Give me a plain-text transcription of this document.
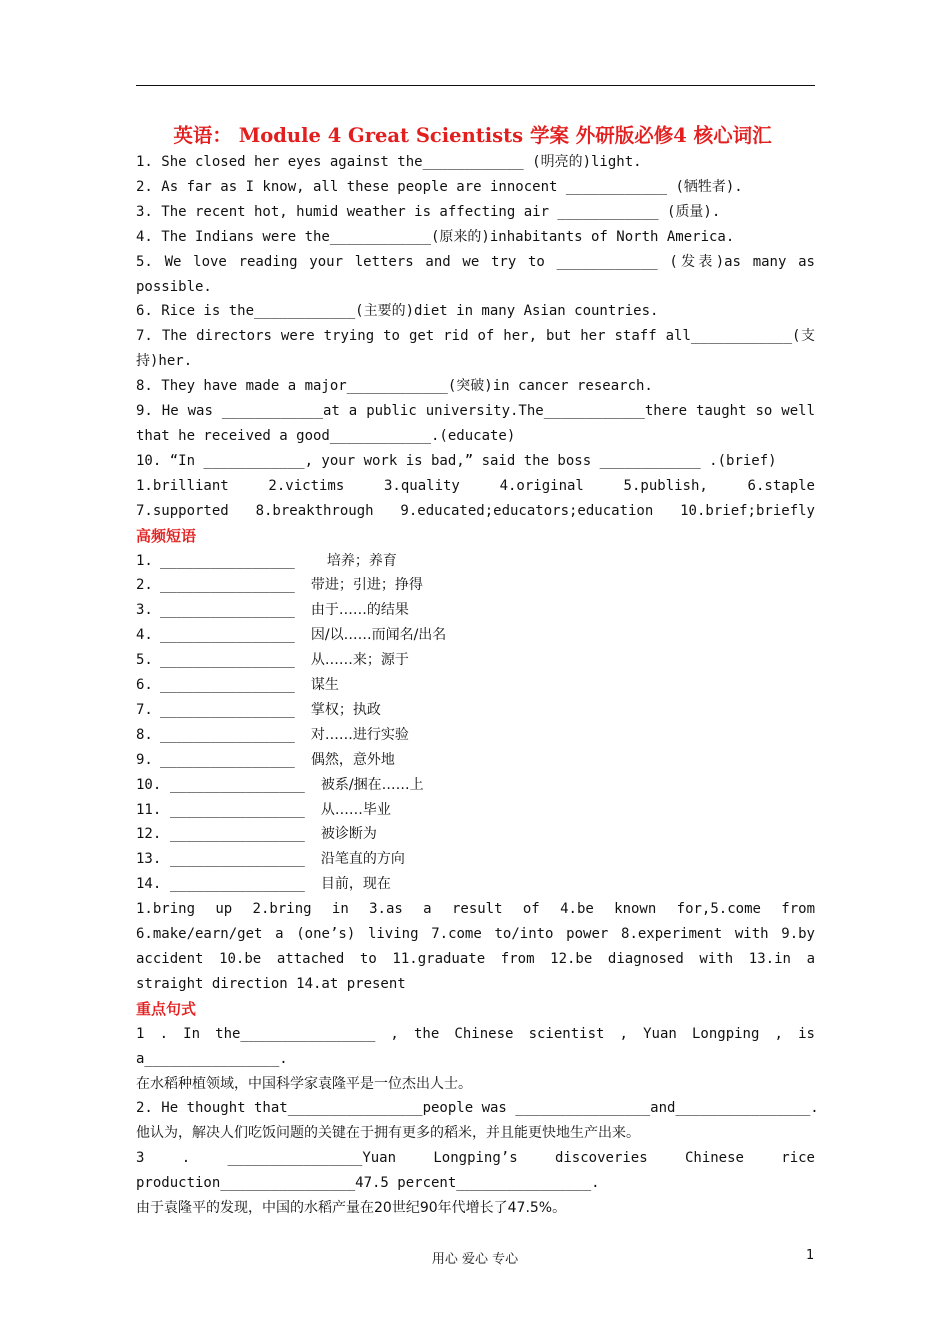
英语： Module 4 Great Scientists 学案 外研版必修4 核心词汇
1. She closed her eyes against the____________ (明亮的)light.
2. As far as I know, all these people are innocent ____________ (牺牲者).
3. The recent hot, humid weather is affecting air ____________ (质量).
4. The Indians were the____________(原来的)inhabitants of North America.
5. We love reading your letters and we try to ____________ (发表)as many as
possible.
6. Rice is the____________(主要的)diet in many Asian countries.
7. The directors were trying to get rid of her, but her staff all____________(支
持)her.
8. They have made a major____________(突破)in cancer research.
9. He was ____________at a public university.The____________there taught so well
that he received a good____________.(educate)
10. “In ____________, your work is bad,” said the boss ____________ .(brief)
1.brilliant 2.victims 3.quality 4.original 5.publish, 6.staple
7.supported 8.breakthrough 9.educated;educators;education 10.brief;briefly
高频短语
1. ________________ 培养；养育
2. ________________ 带进；引进；挣得
3. ________________ 由于……的结果
4. ________________ 因/以……而闻名/出名
5. ________________ 从……来；源于
6. ________________ 谋生
7. ________________ 掌权；执政
8. ________________ 对……进行实验
9. ________________ 偶然，意外地
10. ________________ 被系/捆在……上
11. ________________ 从……毕业
12. ________________ 被诊断为
13. ________________ 沿笔直的方向
14. ________________ 目前，现在
1.bring up 2.bring in 3.as a result of 4.be known for,5.come from
6.make/earn/get a (one’s) living 7.come to/into power 8.experiment with 9.by
accident 10.be attached to 11.graduate from 12.be diagnosed with 13.in a
straight direction 14.at present
重点句式
1 . In the________________ , the Chinese scientist , Yuan Longping , is
a________________.
在水稻种植领域，中国科学家袁隆平是一位杰出人士。
2. He thought that________________people was ________________and________________.
他认为，解决人们吃饭问题的关键在于拥有更多的稻米，并且能更快地生产出来。
3 . ________________Yuan Longping’s discoveries Chinese rice
production________________47.5 percent________________.
由于袁隆平的发现，中国的水稻产量在20世纪90年代增长了47.5%。
用心 爱心 专心	1
